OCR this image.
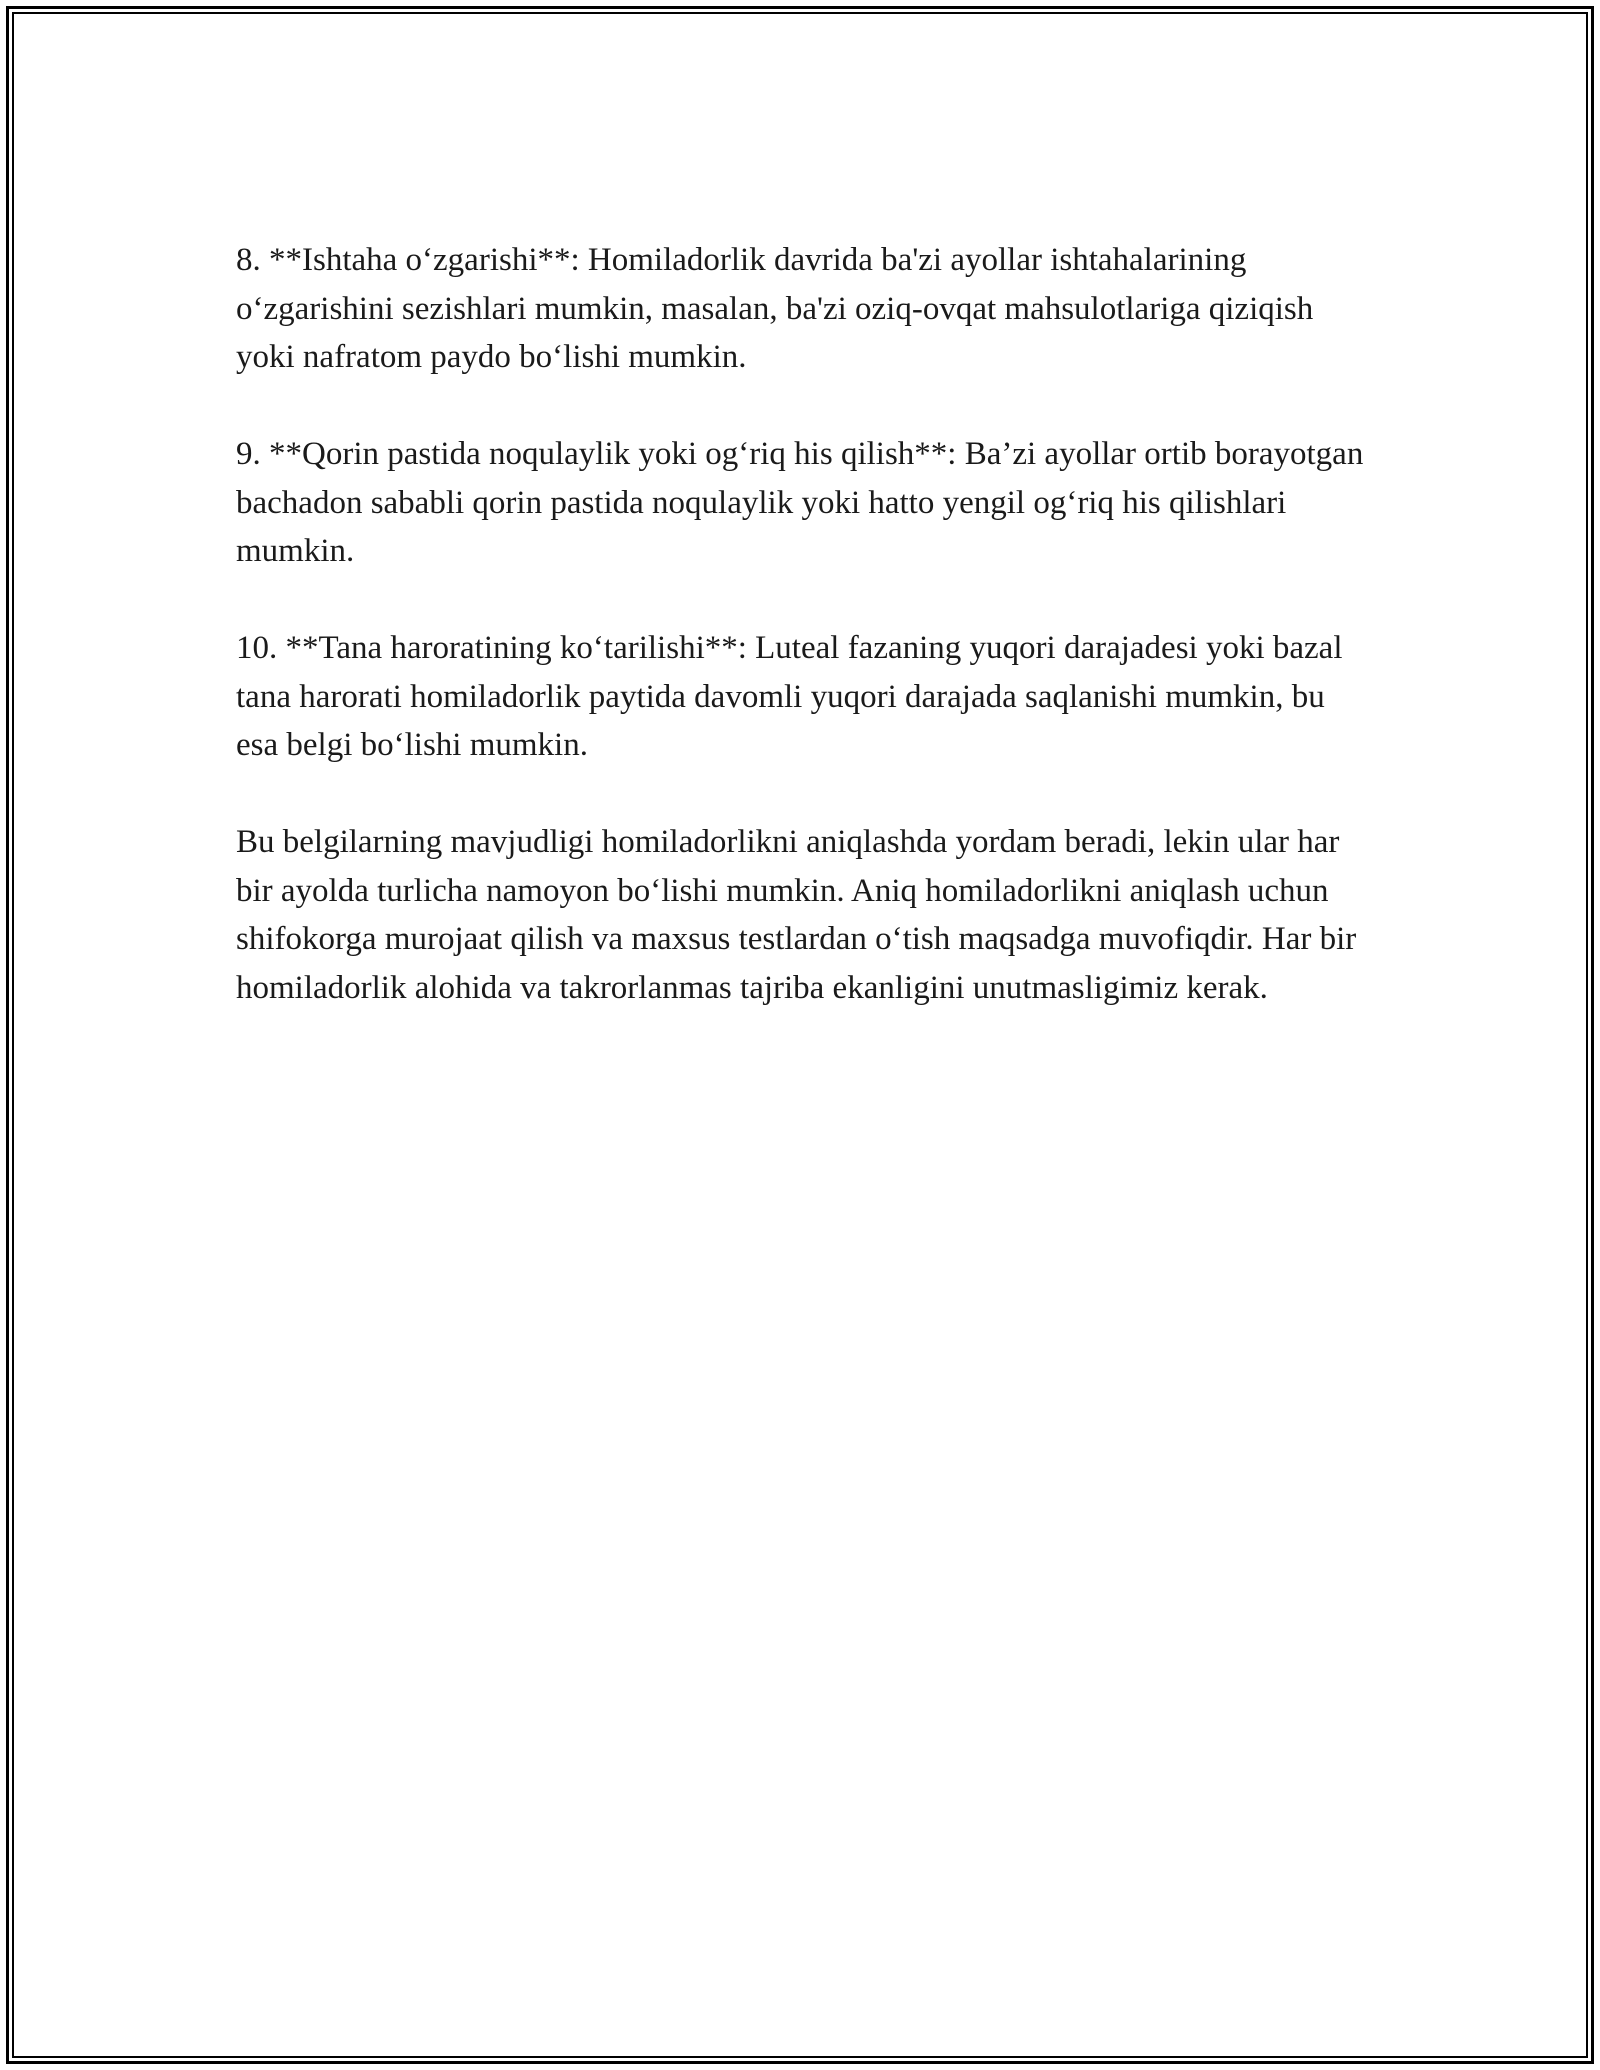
8. **Ishtaha o‘zgarishi**: Homiladorlik davrida ba'zi ayollar ishtahalarining o‘zgarishini sezishlari mumkin, masalan, ba'zi oziq-ovqat mahsulotlariga qiziqish yoki nafratom paydo bo‘lishi mumkin.

9. **Qorin pastida noqulaylik yoki og‘riq his qilish**: Ba’zi ayollar ortib borayotgan bachadon sababli qorin pastida noqulaylik yoki hatto yengil og‘riq his qilishlari mumkin.

10. **Tana haroratining ko‘tarilishi**: Luteal fazaning yuqori darajadesi yoki bazal tana harorati homiladorlik paytida davomli yuqori darajada saqlanishi mumkin, bu esa belgi bo‘lishi mumkin.

Bu belgilarning mavjudligi homiladorlikni aniqlashda yordam beradi, lekin ular har bir ayolda turlicha namoyon bo‘lishi mumkin. Aniq homiladorlikni aniqlash uchun shifokorga murojaat qilish va maxsus testlardan o‘tish maqsadga muvofiqdir. Har bir homiladorlik alohida va takrorlanmas tajriba ekanligini unutmasligimiz kerak.
